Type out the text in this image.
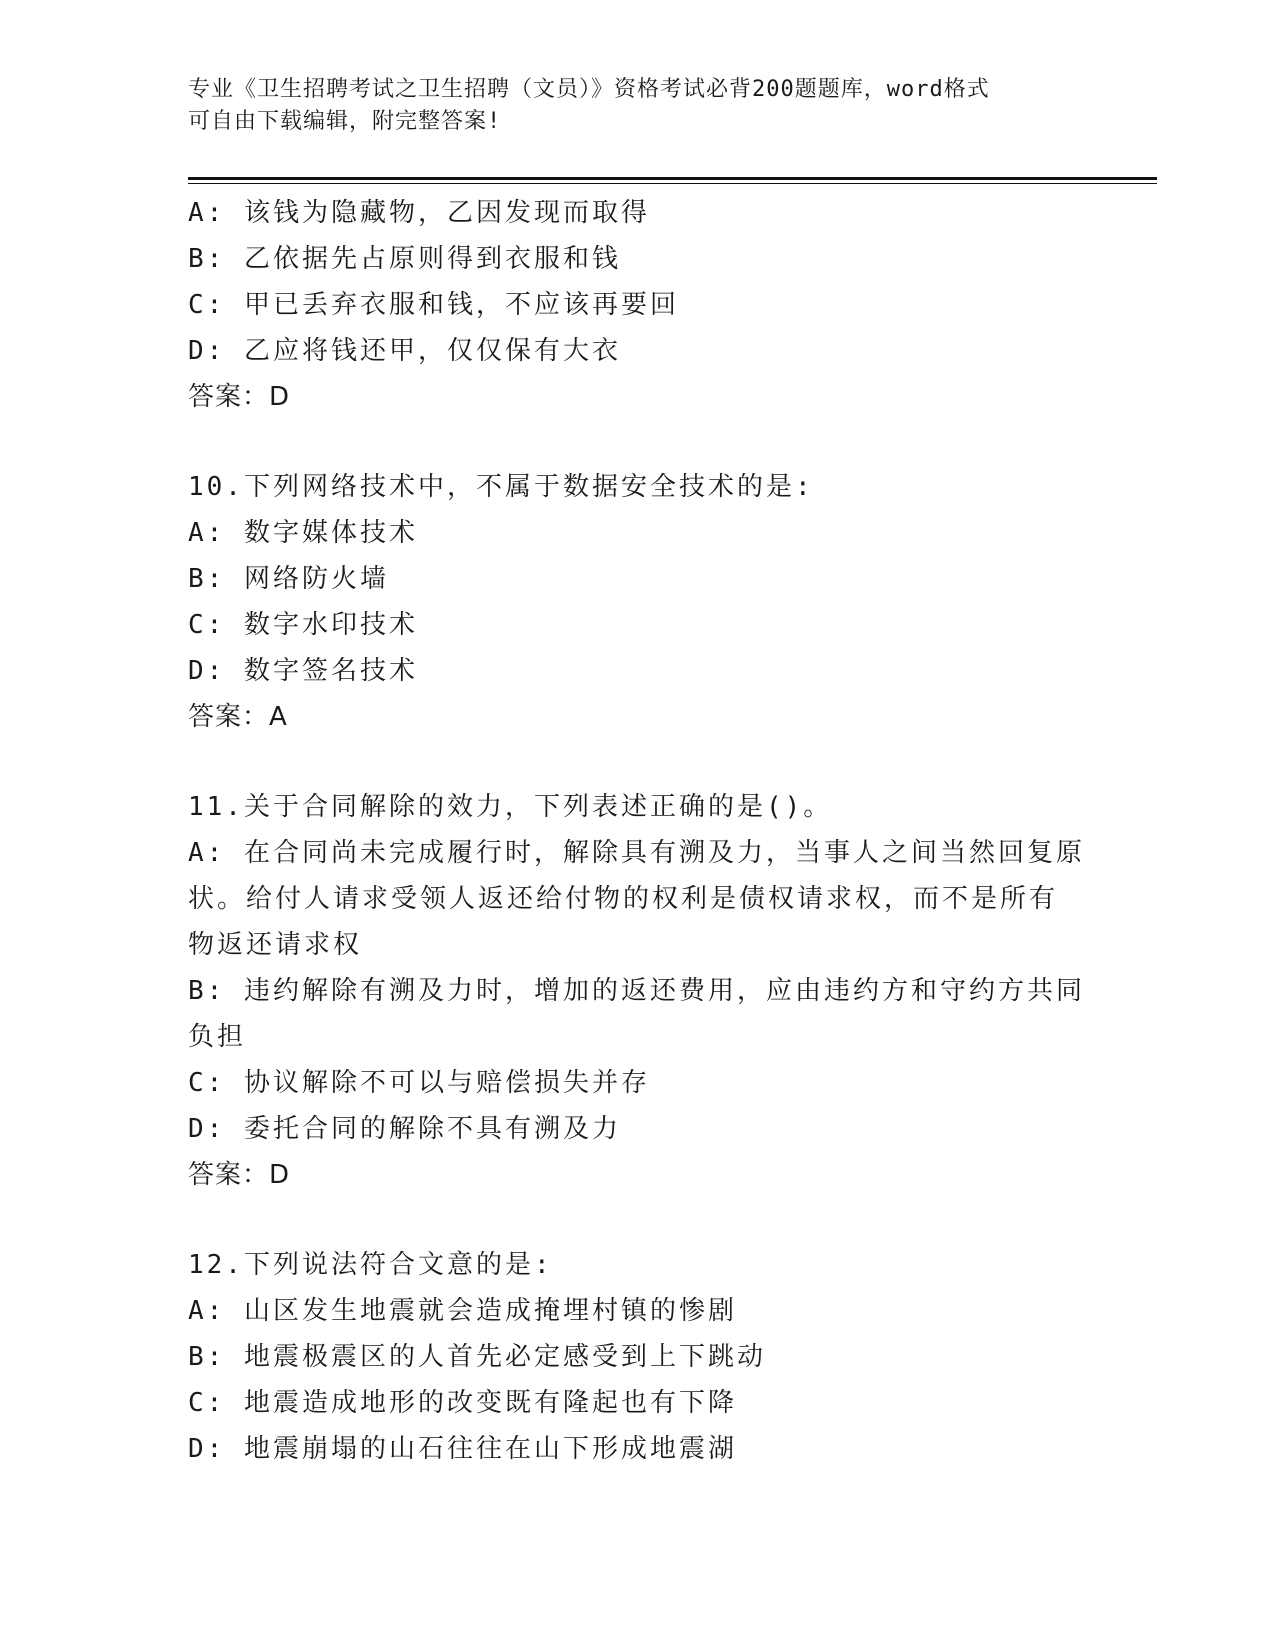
专业《卫生招聘考试之卫生招聘（文员）》资格考试必背200题题库，word格式
可自由下载编辑，附完整答案!
A: 该钱为隐藏物，乙因发现而取得
B: 乙依据先占原则得到衣服和钱
C: 甲已丢弃衣服和钱，不应该再要回
D: 乙应将钱还甲，仅仅保有大衣
答案：D
10.下列网络技术中，不属于数据安全技术的是:
A: 数字媒体技术
B: 网络防火墙
C: 数字水印技术
D: 数字签名技术
答案：A
11.关于合同解除的效力，下列表述正确的是()。
A: 在合同尚未完成履行时，解除具有溯及力，当事人之间当然回复原
状。给付人请求受领人返还给付物的权利是债权请求权，而不是所有
物返还请求权
B: 违约解除有溯及力时，增加的返还费用，应由违约方和守约方共同
负担
C: 协议解除不可以与赔偿损失并存
D: 委托合同的解除不具有溯及力
答案：D
12.下列说法符合文意的是:
A: 山区发生地震就会造成掩埋村镇的惨剧
B: 地震极震区的人首先必定感受到上下跳动
C: 地震造成地形的改变既有隆起也有下降
D: 地震崩塌的山石往往在山下形成地震湖
